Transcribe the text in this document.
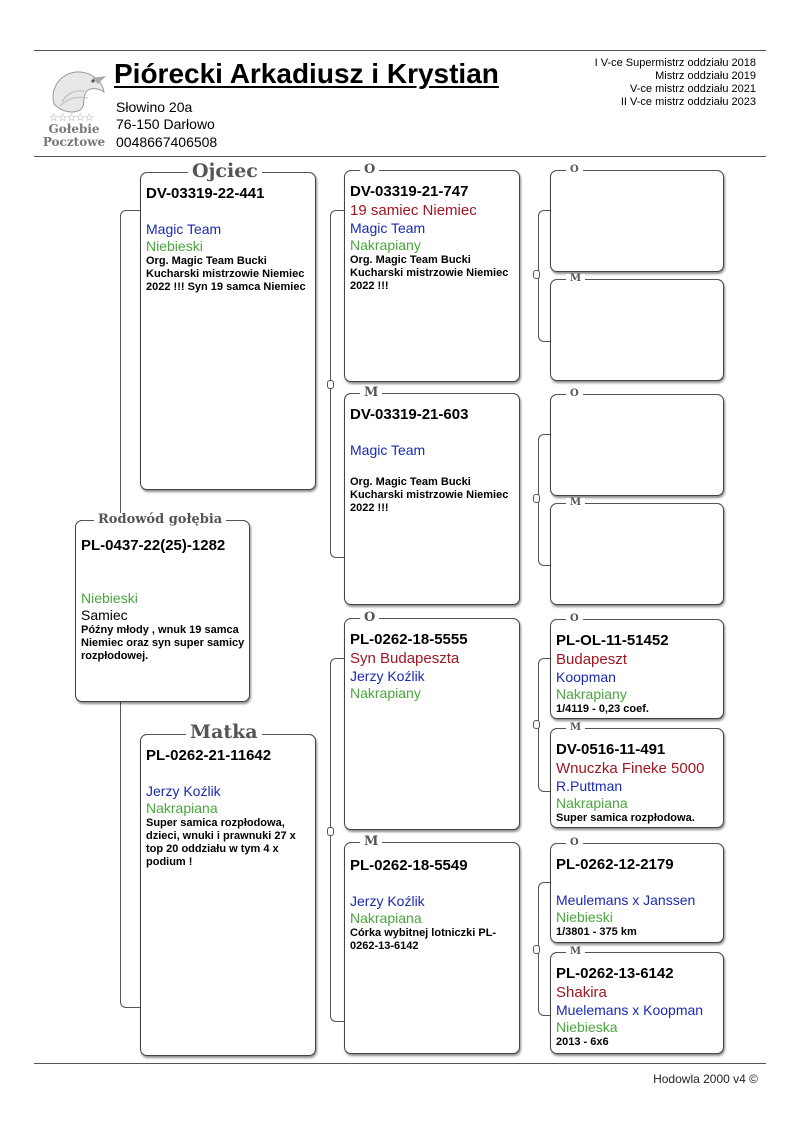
☆☆☆☆☆
Gołebie
Pocztowe
Piórecki Arkadiusz i Krystian
Słowino 20a
76-150 Darłowo
0048667406508
I V-ce Supermistrz oddziału 2018
Mistrz oddziału 2019
V-ce mistrz oddziału 2021
II V-ce mistrz oddziału 2023
PL-0437-22(25)-1282
Niebieski
Samiec
Późny młody , wnuk 19 samca Niemiec oraz syn super samicy rozpłodowej.
Rodowód gołębia
DV-03319-22-441
Magic Team
Niebieski
Org. Magic Team Bucki Kucharski mistrzowie Niemiec 2022 !!! Syn 19 samca Niemiec
Ojciec
PL-0262-21-11642
Jerzy Koźlik
Nakrapiana
Super samica rozpłodowa, dzieci, wnuki i prawnuki 27 x top 20 oddziału w tym 4 x podium !
Matka
DV-03319-21-747
19 samiec Niemiec
Magic Team
Nakrapiany
Org. Magic Team Bucki Kucharski mistrzowie Niemiec 2022 !!!
O
DV-03319-21-603
Magic Team
Org. Magic Team Bucki Kucharski mistrzowie Niemiec 2022 !!!
M
PL-0262-18-5555
Syn Budapeszta
Jerzy Koźlik
Nakrapiany
O
PL-0262-18-5549
Jerzy Koźlik
Nakrapiana
Córka wybitnej lotniczki PL-0262-13-6142
M
O
M
O
M
PL-OL-11-51452
Budapeszt
Koopman
Nakrapiany
1/4119 - 0,23 coef.
O
DV-0516-11-491
Wnuczka Fineke 5000
R.Puttman
Nakrapiana
Super samica rozpłodowa.
M
PL-0262-12-2179
Meulemans x Janssen
Niebieski
1/3801 - 375 km
O
PL-0262-13-6142
Shakira
Muelemans x Koopman
Niebieska
2013 - 6x6
M
Hodowla 2000 v4 ©
